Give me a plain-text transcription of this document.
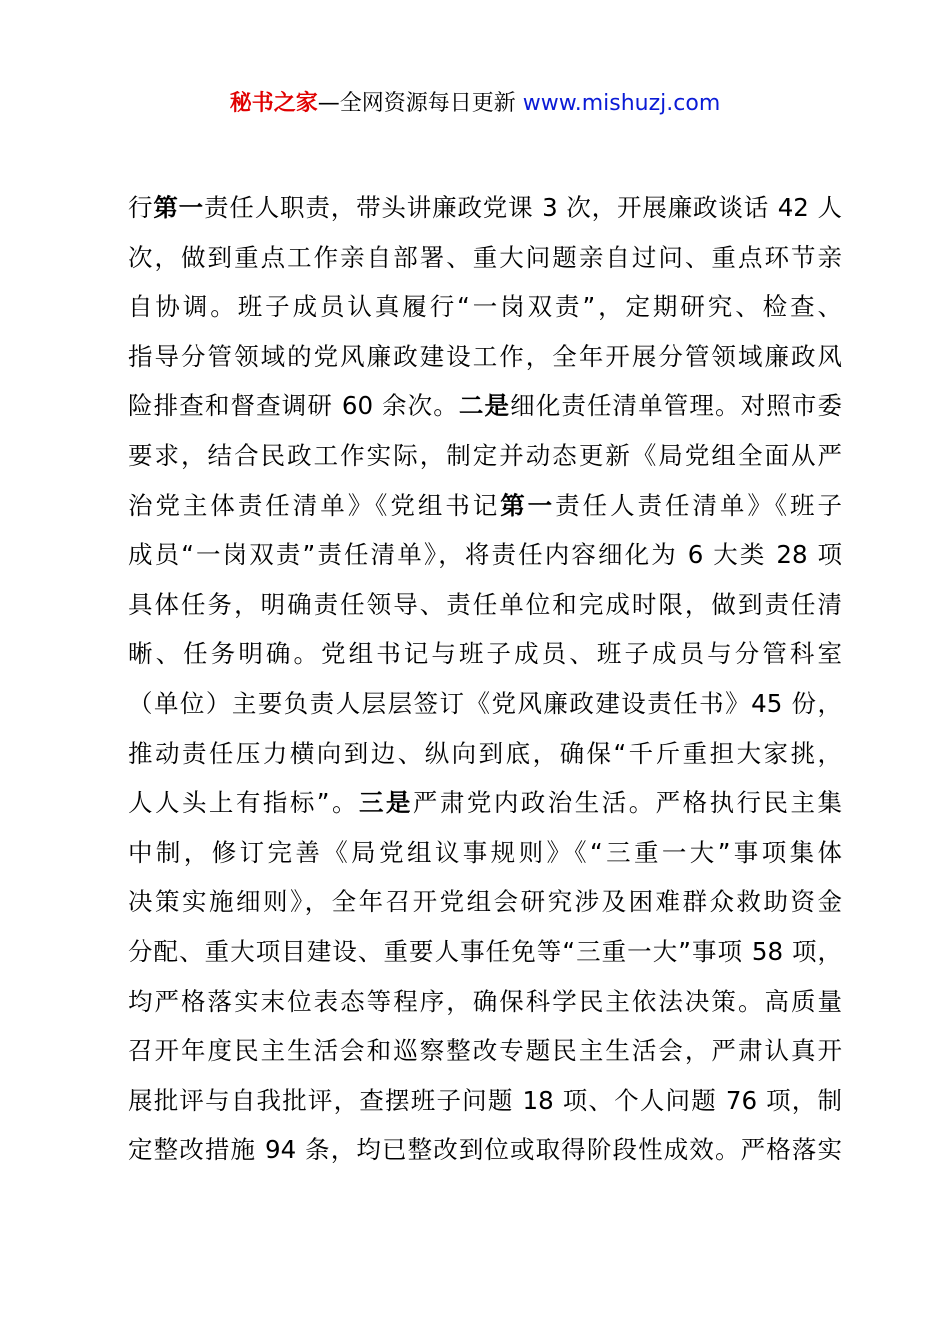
秘书之家—全网资源每日更新 www.mishuzj.com
行第一责任人职责，带头讲廉政党课 3 次，开展廉政谈话 42 人
次，做到重点工作亲自部署、重大问题亲自过问、重点环节亲
自协调。班子成员认真履行“一岗双责”，定期研究、检查、
指导分管领域的党风廉政建设工作，全年开展分管领域廉政风
险排查和督查调研 60 余次。二是细化责任清单管理。对照市委
要求，结合民政工作实际，制定并动态更新《局党组全面从严
治党主体责任清单》《党组书记第一责任人责任清单》《班子
成员“一岗双责”责任清单》，将责任内容细化为 6 大类 28 项
具体任务，明确责任领导、责任单位和完成时限，做到责任清
晰、任务明确。党组书记与班子成员、班子成员与分管科室
（单位）主要负责人层层签订《党风廉政建设责任书》45 份，
推动责任压力横向到边、纵向到底，确保“千斤重担大家挑，
人人头上有指标”。三是严肃党内政治生活。严格执行民主集
中制，修订完善《局党组议事规则》《“三重一大”事项集体
决策实施细则》，全年召开党组会研究涉及困难群众救助资金
分配、重大项目建设、重要人事任免等“三重一大”事项 58 项，
均严格落实末位表态等程序，确保科学民主依法决策。高质量
召开年度民主生活会和巡察整改专题民主生活会，严肃认真开
展批评与自我批评，查摆班子问题 18 项、个人问题 76 项，制
定整改措施 94 条，均已整改到位或取得阶段性成效。严格落实
